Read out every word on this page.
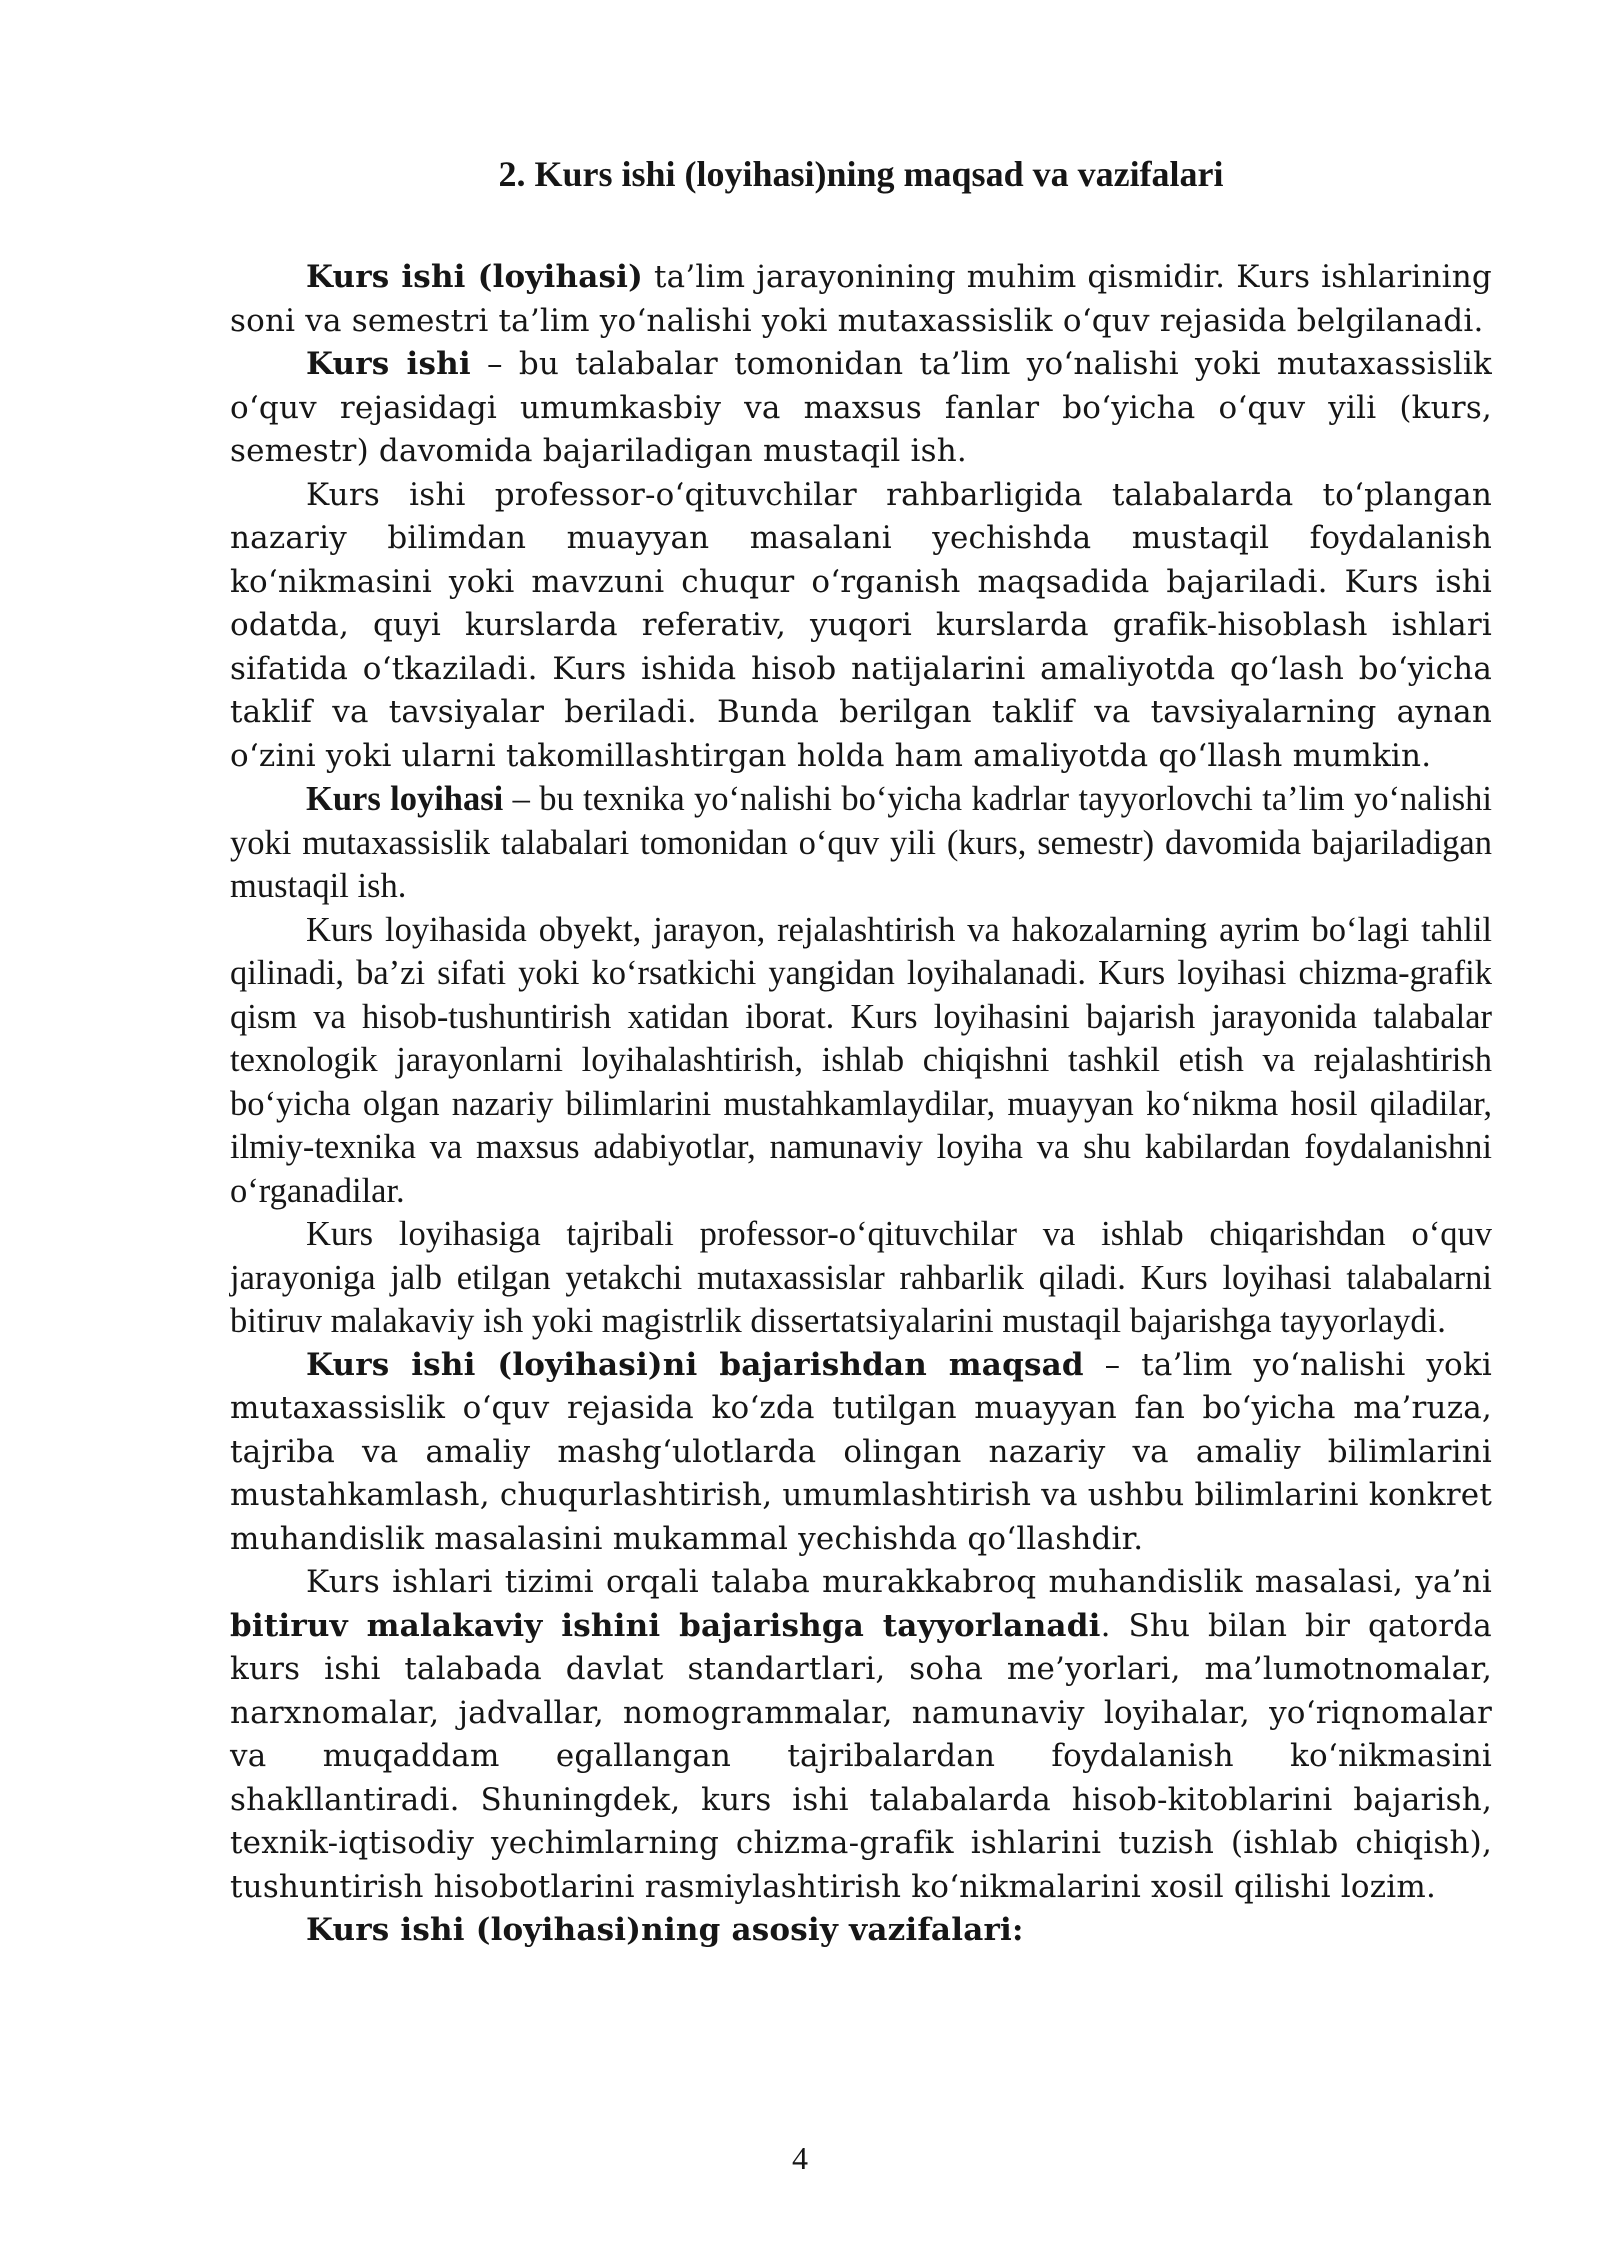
2. Kurs ishi (loyihasi)ning maqsad va vazifalari

Kurs ishi (loyihasi) ta’lim jarayonining muhim qismidir. Kurs ishlarining soni va semestri ta’lim yo‘nalishi yoki mutaxassislik o‘quv rejasida belgilanadi.

Kurs ishi – bu talabalar tomonidan ta’lim yo‘nalishi yoki mutaxassislik o‘quv rejasidagi umumkasbiy va maxsus fanlar bo‘yicha o‘quv yili (kurs, semestr) davomida bajariladigan mustaqil ish.

Kurs ishi professor-o‘qituvchilar rahbarligida talabalarda to‘plangan nazariy bilimdan muayyan masalani yechishda mustaqil foydalanish ko‘nikmasini yoki mavzuni chuqur o‘rganish maqsadida bajariladi. Kurs ishi odatda, quyi kurslarda referativ, yuqori kurslarda grafik-hisoblash ishlari sifatida o‘tkaziladi. Kurs ishida hisob natijalarini amaliyotda qo‘lash bo‘yicha taklif va tavsiyalar beriladi. Bunda berilgan taklif va tavsiyalarning aynan o‘zini yoki ularni takomillashtirgan holda ham amaliyotda qo‘llash mumkin.

Kurs loyihasi – bu texnika yo‘nalishi bo‘yicha kadrlar tayyorlovchi ta’lim yo‘nalishi yoki mutaxassislik talabalari tomonidan o‘quv yili (kurs, semestr) davomida bajariladigan mustaqil ish.

Kurs loyihasida obyekt, jarayon, rejalashtirish va hakozalarning ayrim bo‘lagi tahlil qilinadi, ba’zi sifati yoki ko‘rsatkichi yangidan loyihalanadi. Kurs loyihasi chizma-grafik qism va hisob-tushuntirish xatidan iborat. Kurs loyihasini bajarish jarayonida talabalar texnologik jarayonlarni loyihalashtirish, ishlab chiqishni tashkil etish va rejalashtirish bo‘yicha olgan nazariy bilimlarini mustahkamlaydilar, muayyan ko‘nikma hosil qiladilar, ilmiy-texnika va maxsus adabiyotlar, namunaviy loyiha va shu kabilardan foydalanishni o‘rganadilar.

Kurs loyihasiga tajribali professor-o‘qituvchilar va ishlab chiqarishdan o‘quv jarayoniga jalb etilgan yetakchi mutaxassislar rahbarlik qiladi. Kurs loyihasi talabalarni bitiruv malakaviy ish yoki magistrlik dissertatsiyalarini mustaqil bajarishga tayyorlaydi.

Kurs ishi (loyihasi)ni bajarishdan maqsad – ta’lim yo‘nalishi yoki mutaxassislik o‘quv rejasida ko‘zda tutilgan muayyan fan bo‘yicha ma’ruza, tajriba va amaliy mashg‘ulotlarda olingan nazariy va amaliy bilimlarini mustahkamlash, chuqurlashtirish, umumlashtirish va ushbu bilimlarini konkret muhandislik masalasini mukammal yechishda qo‘llashdir.

Kurs ishlari tizimi orqali talaba murakkabroq muhandislik masalasi, ya’ni bitiruv malakaviy ishini bajarishga tayyorlanadi. Shu bilan bir qatorda kurs ishi talabada davlat standartlari, soha me’yorlari, ma’lumotnomalar, narxnomalar, jadvallar, nomogrammalar, namunaviy loyihalar, yo‘riqnomalar va muqaddam egallangan tajribalardan foydalanish ko‘nikmasini shakllantiradi. Shuningdek, kurs ishi talabalarda hisob-kitoblarini bajarish, texnik-iqtisodiy yechimlarning chizma-grafik ishlarini tuzish (ishlab chiqish), tushuntirish hisobotlarini rasmiylashtirish ko‘nikmalarini xosil qilishi lozim.

Kurs ishi (loyihasi)ning asosiy vazifalari:

4
